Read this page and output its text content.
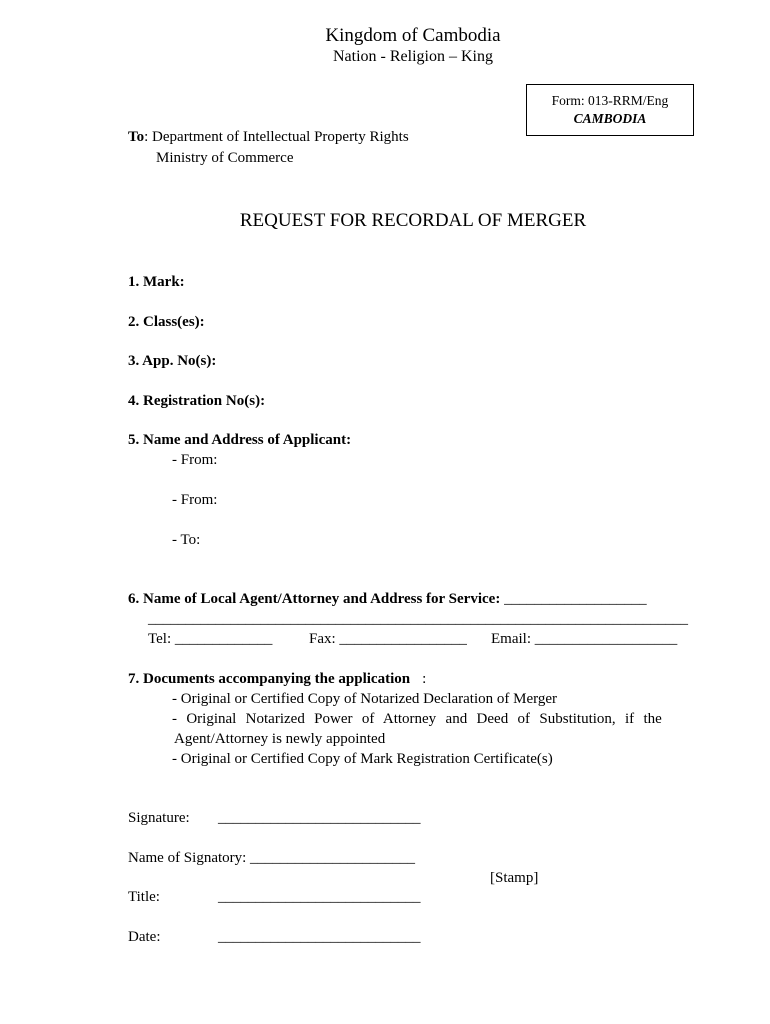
Kingdom of Cambodia
Nation - Religion – King
Form: 013-RRM/Eng
CAMBODIA
To: Department of Intellectual Property Rights
Ministry of Commerce
REQUEST FOR RECORDAL OF MERGER
1. Mark:
2. Class(es):
3. App. No(s):
4. Registration No(s):
5. Name and Address of Applicant:
- From:
- From:
- To:
6. Name of Local Agent/Attorney and Address for Service: ___________________
________________________________________________________________________
Tel: _____________ Fax: _________________ Email: ___________________
7. Documents accompanying the application :
- Original or Certified Copy of Notarized Declaration of Merger
- Original Notarized Power of Attorney and Deed of Substitution, if the
Agent/Attorney is newly appointed
- Original or Certified Copy of Mark Registration Certificate(s)
Signature: ___________________________
Name of Signatory: ______________________
[Stamp]
Title:	___________________________
Date:	___________________________
